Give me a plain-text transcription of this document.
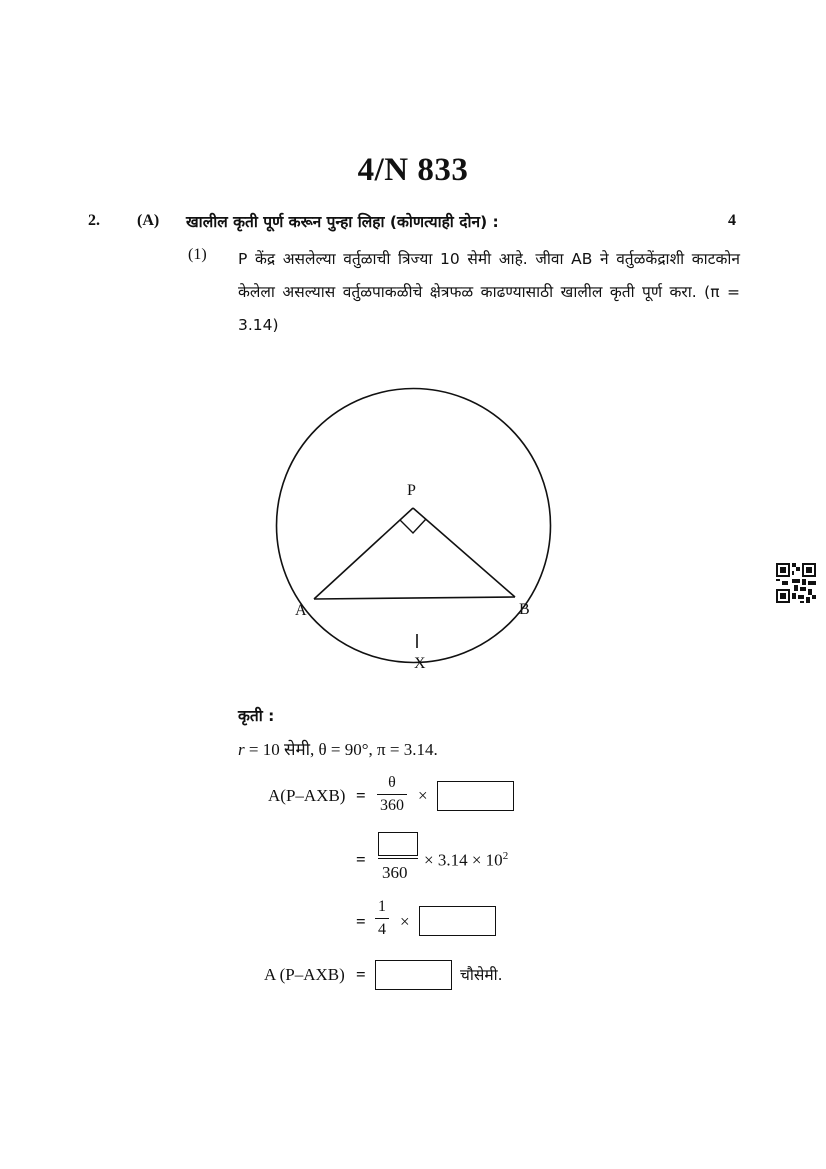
4/N 833
2. (A) खालील कृती पूर्ण करून पुन्हा लिहा (कोणत्याही दोन) :	4
(1) P केंद्र असलेल्या वर्तुळाची त्रिज्या 10 सेमी आहे. जीवा AB ने वर्तुळकेंद्राशी काटकोन केलेला असल्यास वर्तुळपाकळीचे क्षेत्रफळ काढण्यासाठी खालील कृती पूर्ण करा. (π = 3.14)
P
A	B
X
कृती :
r = 10 सेमी, θ = 90°, π = 3.14.
A(P–AXB) =
θ
360
×
=
360
× $3.14 \times 10^2$
=
1
4 ×
A (P–AXB) =	चौसेमी.
